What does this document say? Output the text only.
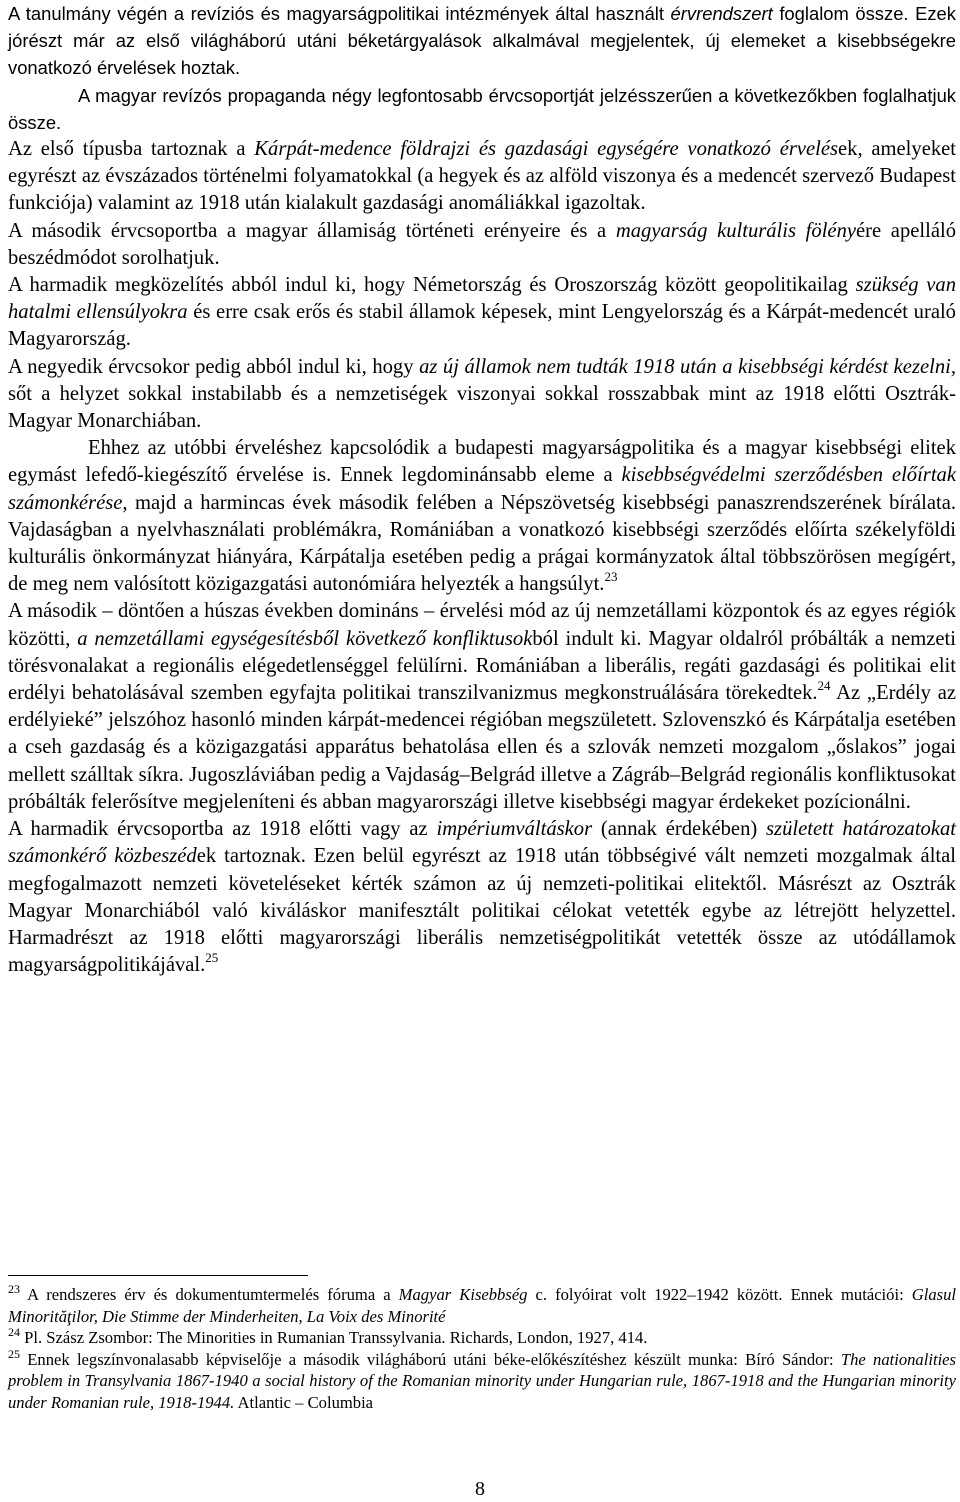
A tanulmány végén a revíziós és magyarságpolitikai intézmények által használt érvrendszert foglalom össze. Ezek jórészt már az első világháború utáni béketárgyalások alkalmával megjelentek, új elemeket a kisebbségekre vonatkozó érvelések hoztak.

A magyar revízós propaganda négy legfontosabb érvcsoportját jelzésszerűen a következőkben foglalhatjuk össze.

Az első típusba tartoznak a Kárpát-medence földrajzi és gazdasági egységére vonatkozó érvelések, amelyeket egyrészt az évszázados történelmi folyamatokkal (a hegyek és az alföld viszonya és a medencét szervező Budapest funkciója) valamint az 1918 után kialakult gazdasági anomáliákkal igazoltak.

A második érvcsoportba a magyar államiság történeti erényeire és a magyarság kulturális fölényére apelláló beszédmódot sorolhatjuk.

A harmadik megközelítés abból indul ki, hogy Németország és Oroszország között geopolitikailag szükség van hatalmi ellensúlyokra és erre csak erős és stabil államok képesek, mint Lengyelország és a Kárpát-medencét uraló Magyarország.

A negyedik érvcsokor pedig abból indul ki, hogy az új államok nem tudták 1918 után a kisebbségi kérdést kezelni, sőt a helyzet sokkal instabilabb és a nemzetiségek viszonyai sokkal rosszabbak mint az 1918 előtti Osztrák-Magyar Monarchiában.

Ehhez az utóbbi érveléshez kapcsolódik a budapesti magyarságpolitika és a magyar kisebbségi elitek egymást lefedő-kiegészítő érvelése is. Ennek legdominánsabb eleme a kisebbségvédelmi szerződésben előírtak számonkérése, majd a harmincas évek második felében a Népszövetség kisebbségi panaszrendszerének bírálata. Vajdaságban a nyelvhasználati problémákra, Romániában a vonatkozó kisebbségi szerződés előírta székelyföldi kulturális önkormányzat hiányára, Kárpátalja esetében pedig a prágai kormányzatok által többszörösen megígért, de meg nem valósított közigazgatási autonómiára helyezték a hangsúlyt.$^{23}$

A második – döntően a húszas években domináns – érvelési mód az új nemzetállami központok és az egyes régiók közötti, a nemzetállami egységesítésből következő konfliktusokból indult ki. Magyar oldalról próbálták a nemzeti törésvonalakat a regionális elégedetlenséggel felülírni. Romániában a liberális, regáti gazdasági és politikai elit erdélyi behatolásával szemben egyfajta politikai transzilvanizmus megkonstruálására törekedtek.$^{24}$ Az „Erdély az erdélyieké” jelszóhoz hasonló minden kárpát-medencei régióban megszületett. Szlovenszkó és Kárpátalja esetében a cseh gazdaság és a közigazgatási apparátus behatolása ellen és a szlovák nemzeti mozgalom „őslakos” jogai mellett szálltak síkra. Jugoszláviában pedig a Vajdaság–Belgrád illetve a Zágráb–Belgrád regionális konfliktusokat próbálták felerősítve megjeleníteni és abban magyarországi illetve kisebbségi magyar érdekeket pozícionálni.

A harmadik érvcsoportba az 1918 előtti vagy az impériumváltáskor (annak érdekében) született határozatokat számonkérő közbeszédek tartoznak. Ezen belül egyrészt az 1918 után többségivé vált nemzeti mozgalmak által megfogalmazott nemzeti követeléseket kérték számon az új nemzeti-politikai elitektől. Másrészt az Osztrák Magyar Monarchiából való kiváláskor manifesztált politikai célokat vetették egybe az létrejött helyzettel. Harmadrészt az 1918 előtti magyarországi liberális nemzetiségpolitikát vetették össze az utódállamok magyarságpolitikájával.$^{25}$

$^{23}$ A rendszeres érv és dokumentumtermelés fóruma a Magyar Kisebbség c. folyóirat volt 1922–1942 között. Ennek mutációi: Glasul Minorităţilor, Die Stimme der Minderheiten, La Voix des Minorité

$^{24}$ Pl. Szász Zsombor: The Minorities in Rumanian Transsylvania. Richards, London, 1927, 414.

$^{25}$ Ennek legszínvonalasabb képviselője a második világháború utáni béke-előkészítéshez készült munka: Bíró Sándor: The nationalities problem in Transylvania 1867-1940 a social history of the Romanian minority under Hungarian rule, 1867-1918 and the Hungarian minority under Romanian rule, 1918-1944. Atlantic – Columbia

8
